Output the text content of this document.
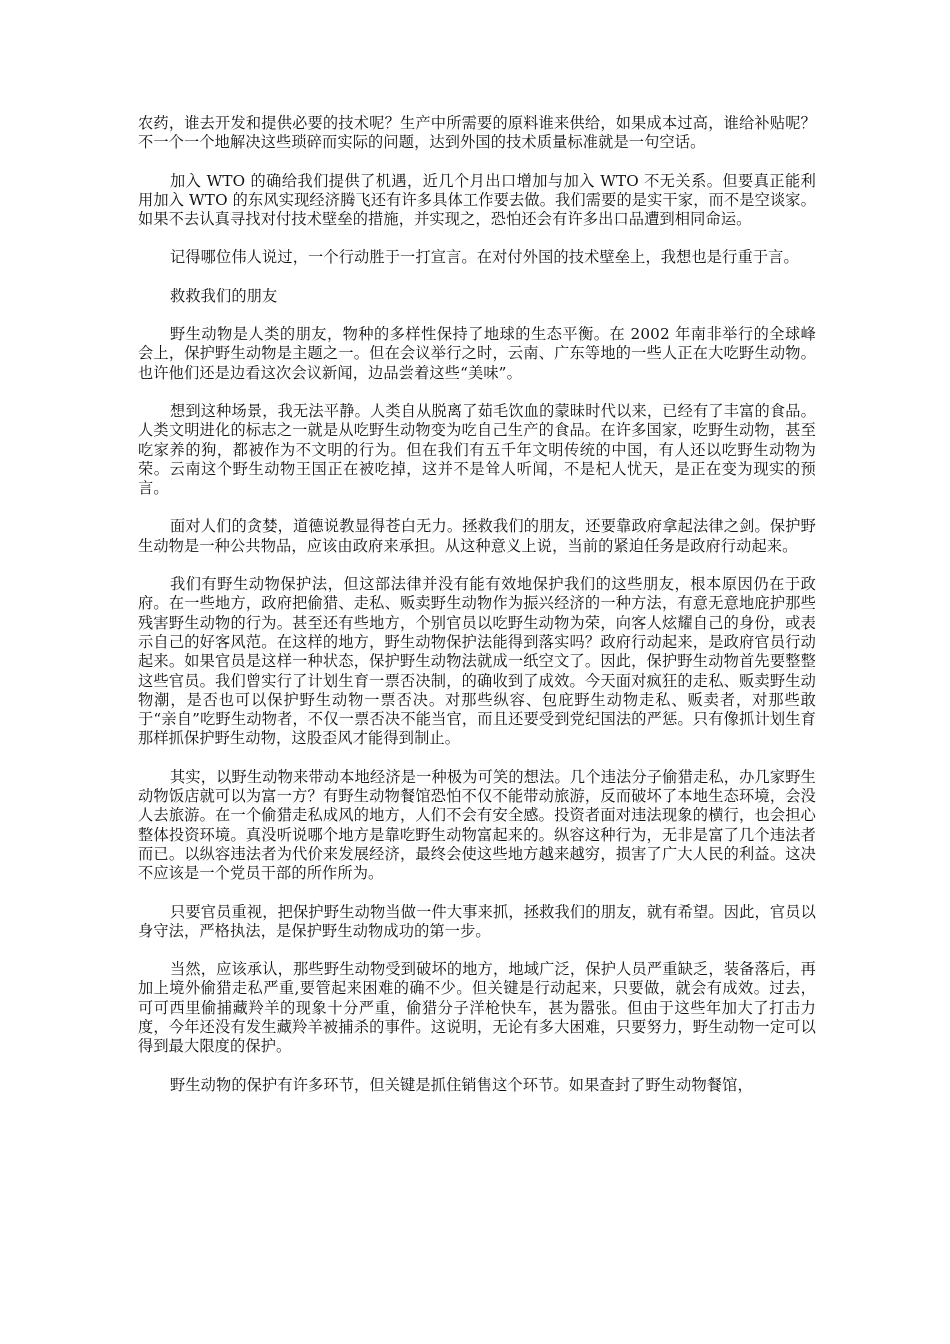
农药，谁去开发和提供必要的技术呢？生产中所需要的原料谁来供给，如果成本过高，谁给补贴呢？不一个一个地解决这些琐碎而实际的问题，达到外国的技术质量标准就是一句空话。

加入 WTO 的确给我们提供了机遇，近几个月出口增加与加入 WTO 不无关系。但要真正能利用加入 WTO 的东风实现经济腾飞还有许多具体工作要去做。我们需要的是实干家，而不是空谈家。如果不去认真寻找对付技术壁垒的措施，并实现之，恐怕还会有许多出口品遭到相同命运。

记得哪位伟人说过，一个行动胜于一打宣言。在对付外国的技术壁垒上，我想也是行重于言。

救救我们的朋友

野生动物是人类的朋友，物种的多样性保持了地球的生态平衡。在 2002 年南非举行的全球峰会上，保护野生动物是主题之一。但在会议举行之时，云南、广东等地的一些人正在大吃野生动物。也许他们还是边看这次会议新闻，边品尝着这些“美味”。

想到这种场景，我无法平静。人类自从脱离了茹毛饮血的蒙昧时代以来，已经有了丰富的食品。人类文明进化的标志之一就是从吃野生动物变为吃自己生产的食品。在许多国家，吃野生动物，甚至吃家养的狗，都被作为不文明的行为。但在我们有五千年文明传统的中国，有人还以吃野生动物为荣。云南这个野生动物王国正在被吃掉，这并不是耸人听闻，不是杞人忧天，是正在变为现实的预言。

面对人们的贪婪，道德说教显得苍白无力。拯救我们的朋友，还要靠政府拿起法律之剑。保护野生动物是一种公共物品，应该由政府来承担。从这种意义上说，当前的紧迫任务是政府行动起来。

我们有野生动物保护法，但这部法律并没有能有效地保护我们的这些朋友，根本原因仍在于政府。在一些地方，政府把偷猎、走私、贩卖野生动物作为振兴经济的一种方法，有意无意地庇护那些残害野生动物的行为。甚至还有些地方，个别官员以吃野生动物为荣，向客人炫耀自己的身份，或表示自己的好客风范。在这样的地方，野生动物保护法能得到落实吗？政府行动起来，是政府官员行动起来。如果官员是这样一种状态，保护野生动物法就成一纸空文了。因此，保护野生动物首先要整整这些官员。我们曾实行了计划生育一票否决制，的确收到了成效。今天面对疯狂的走私、贩卖野生动物潮，是否也可以保护野生动物一票否决。对那些纵容、包庇野生动物走私、贩卖者，对那些敢于“亲自”吃野生动物者，不仅一票否决不能当官，而且还要受到党纪国法的严惩。只有像抓计划生育那样抓保护野生动物，这股歪风才能得到制止。

其实，以野生动物来带动本地经济是一种极为可笑的想法。几个违法分子偷猎走私，办几家野生动物饭店就可以为富一方？有野生动物餐馆恐怕不仅不能带动旅游，反而破坏了本地生态环境，会没人去旅游。在一个偷猎走私成风的地方，人们不会有安全感。投资者面对违法现象的横行，也会担心整体投资环境。真没听说哪个地方是靠吃野生动物富起来的。纵容这种行为，无非是富了几个违法者而已。以纵容违法者为代价来发展经济，最终会使这些地方越来越穷，损害了广大人民的利益。这决不应该是一个党员干部的所作所为。

只要官员重视，把保护野生动物当做一件大事来抓，拯救我们的朋友，就有希望。因此，官员以身守法，严格执法，是保护野生动物成功的第一步。

当然，应该承认，那些野生动物受到破坏的地方，地域广泛，保护人员严重缺乏，装备落后，再加上境外偷猎走私严重,要管起来困难的确不少。但关键是行动起来，只要做，就会有成效。过去，可可西里偷捕藏羚羊的现象十分严重，偷猎分子洋枪快车，甚为嚣张。但由于这些年加大了打击力度，今年还没有发生藏羚羊被捕杀的事件。这说明，无论有多大困难，只要努力，野生动物一定可以得到最大限度的保护。

野生动物的保护有许多环节，但关键是抓住销售这个环节。如果查封了野生动物餐馆，
